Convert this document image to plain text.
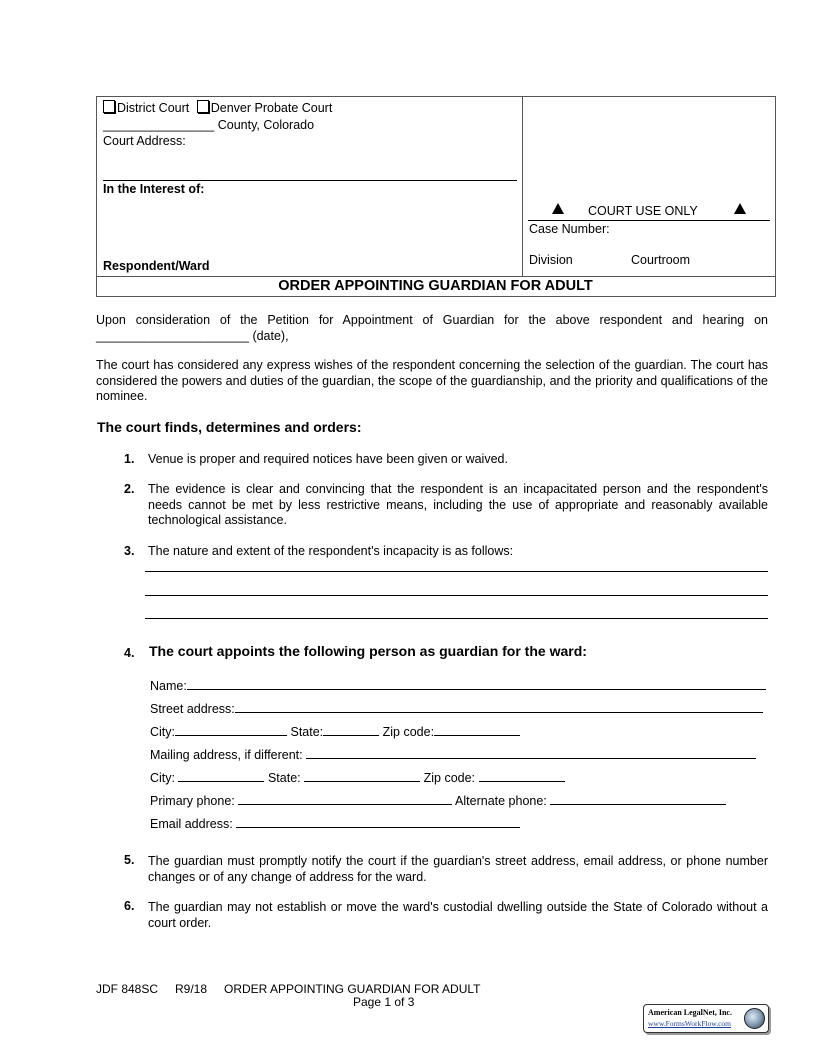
District Court Denver Probate Court
________________ County, Colorado
Court Address:
In the Interest of:
Respondent/Ward
COURT USE ONLY
Case Number:
Division	Courtroom
ORDER APPOINTING GUARDIAN FOR ADULT
Upon consideration of the Petition for Appointment of Guardian for the above respondent and hearing on ______________________ (date),
The court has considered any express wishes of the respondent concerning the selection of the guardian. The court has considered the powers and duties of the guardian, the scope of the guardianship, and the priority and qualifications of the nominee.
The court finds, determines and orders:
1. Venue is proper and required notices have been given or waived.
2. The evidence is clear and convincing that the respondent is an incapacitated person and the respondent's needs cannot be met by less restrictive means, including the use of appropriate and reasonably available technological assistance.
3. The nature and extent of the respondent's incapacity is as follows:
4. The court appoints the following person as guardian for the ward:
Name:
Street address:
City:	State:	Zip code:
Mailing address, if different:
City:	State:	Zip code:
Primary phone:	Alternate phone:
Email address:
5. The guardian must promptly notify the court if the guardian's street address, email address, or phone number changes or of any change of address for the ward.
6. The guardian may not establish or move the ward's custodial dwelling outside the State of Colorado without a court order.
JDF 848SC R9/18 ORDER APPOINTING GUARDIAN FOR ADULT
Page 1 of 3
American LegalNet, Inc.
www.FormsWorkFlow.com
